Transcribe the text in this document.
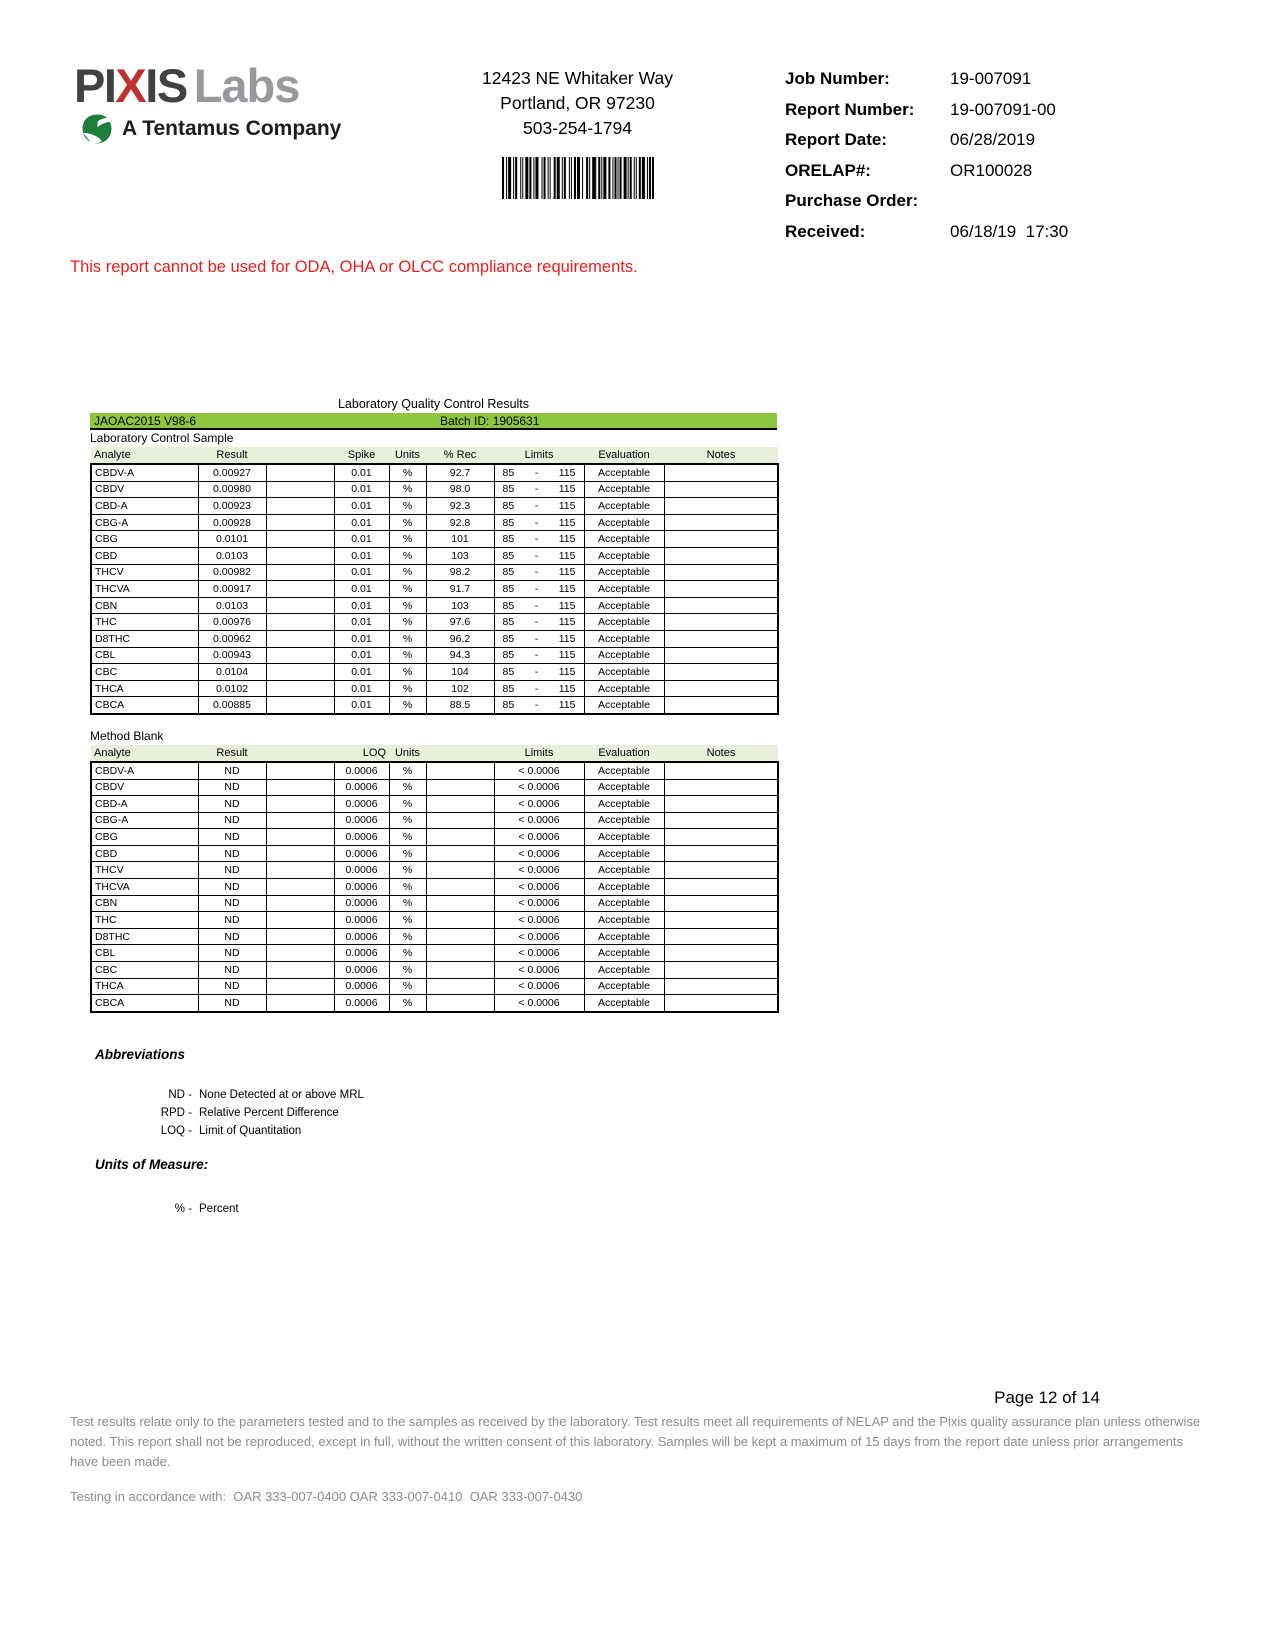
PIXIS Labs
A Tentamus Company
12423 NE Whitaker Way
Portland, OR 97230
503-254-1794
Job Number:	19-007091
Report Number:	19-007091-00
Report Date:	06/28/2019
ORELAP#:	OR100028
Purchase Order:
Received:	06/18/19  17:30
This report cannot be used for ODA, OHA or OLCC compliance requirements.
Laboratory Quality Control Results
JAOAC2015 V98-6	Batch ID: 1905631
Laboratory Control Sample
Analyte	Result		Spike	Units	% Rec	Limits	Evaluation	Notes
CBDV-A	0.00927		0.01	%	92.7	85 - 115	Acceptable	
CBDV	0.00980		0.01	%	98.0	85 - 115	Acceptable	
CBD-A	0.00923		0.01	%	92.3	85 - 115	Acceptable	
CBG-A	0.00928		0.01	%	92.8	85 - 115	Acceptable	
CBG	0.0101		0.01	%	101	85 - 115	Acceptable	
CBD	0.0103		0.01	%	103	85 - 115	Acceptable	
THCV	0.00982		0.01	%	98.2	85 - 115	Acceptable	
THCVA	0.00917		0.01	%	91.7	85 - 115	Acceptable	
CBN	0.0103		0.01	%	103	85 - 115	Acceptable	
THC	0.00976		0.01	%	97.6	85 - 115	Acceptable	
D8THC	0.00962		0.01	%	96.2	85 - 115	Acceptable	
CBL	0.00943		0.01	%	94.3	85 - 115	Acceptable	
CBC	0.0104		0.01	%	104	85 - 115	Acceptable	
THCA	0.0102		0.01	%	102	85 - 115	Acceptable	
CBCA	0.00885		0.01	%	88.5	85 - 115	Acceptable	
Method Blank
Analyte	Result		LOQ	Units		Limits	Evaluation	Notes
CBDV-A	ND		0.0006	%		< 0.0006	Acceptable	
CBDV	ND		0.0006	%		< 0.0006	Acceptable	
CBD-A	ND		0.0006	%		< 0.0006	Acceptable	
CBG-A	ND		0.0006	%		< 0.0006	Acceptable	
CBG	ND		0.0006	%		< 0.0006	Acceptable	
CBD	ND		0.0006	%		< 0.0006	Acceptable	
THCV	ND		0.0006	%		< 0.0006	Acceptable	
THCVA	ND		0.0006	%		< 0.0006	Acceptable	
CBN	ND		0.0006	%		< 0.0006	Acceptable	
THC	ND		0.0006	%		< 0.0006	Acceptable	
D8THC	ND		0.0006	%		< 0.0006	Acceptable	
CBL	ND		0.0006	%		< 0.0006	Acceptable	
CBC	ND		0.0006	%		< 0.0006	Acceptable	
THCA	ND		0.0006	%		< 0.0006	Acceptable	
CBCA	ND		0.0006	%		< 0.0006	Acceptable	
Abbreviations
ND - None Detected at or above MRL
RPD - Relative Percent Difference
LOQ - Limit of Quantitation
Units of Measure:
% - Percent
Page 12 of 14
Test results relate only to the parameters tested and to the samples as received by the laboratory. Test results meet all requirements of NELAP and the Pixis quality assurance plan unless otherwise noted. This report shall not be reproduced, except in full, without the written consent of this laboratory. Samples will be kept a maximum of 15 days from the report date unless prior arrangements have been made.
Testing in accordance with:  OAR 333-007-0400 OAR 333-007-0410  OAR 333-007-0430
